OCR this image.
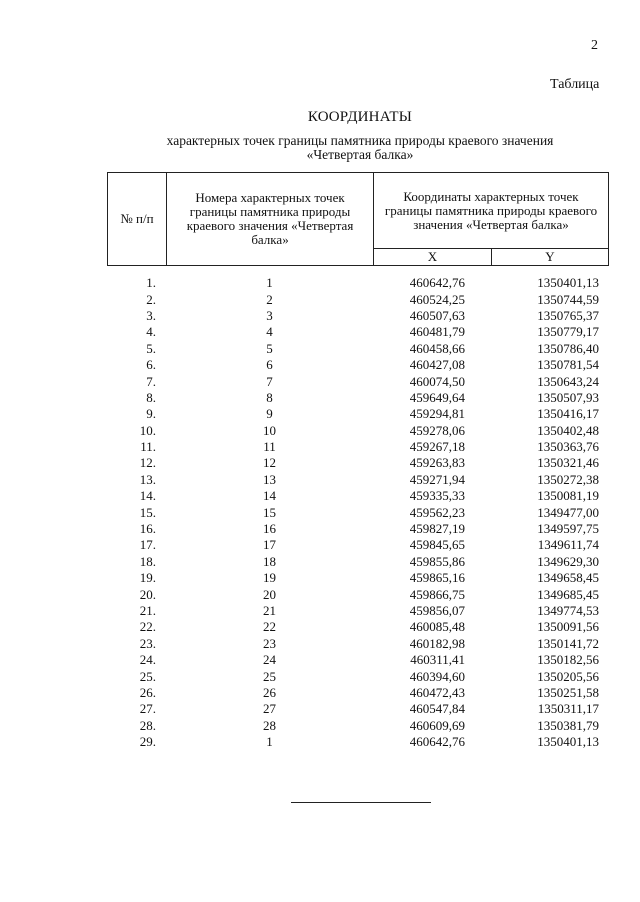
2
Таблица
КООРДИНАТЫ
характерных точек границы памятника природы краевого значения
«Четвертая балка»
№ п/п	Номера характерных точек границы памятника природы краевого значения «Четвертая балка»	Координаты характерных точек границы памятника природы краевого значения «Четвертая балка»	
		X	Y
1.	1	460642,76	1350401,13
2.	2	460524,25	1350744,59
3.	3	460507,63	1350765,37
4.	4	460481,79	1350779,17
5.	5	460458,66	1350786,40
6.	6	460427,08	1350781,54
7.	7	460074,50	1350643,24
8.	8	459649,64	1350507,93
9.	9	459294,81	1350416,17
10.	10	459278,06	1350402,48
11.	11	459267,18	1350363,76
12.	12	459263,83	1350321,46
13.	13	459271,94	1350272,38
14.	14	459335,33	1350081,19
15.	15	459562,23	1349477,00
16.	16	459827,19	1349597,75
17.	17	459845,65	1349611,74
18.	18	459855,86	1349629,30
19.	19	459865,16	1349658,45
20.	20	459866,75	1349685,45
21.	21	459856,07	1349774,53
22.	22	460085,48	1350091,56
23.	23	460182,98	1350141,72
24.	24	460311,41	1350182,56
25.	25	460394,60	1350205,56
26.	26	460472,43	1350251,58
27.	27	460547,84	1350311,17
28.	28	460609,69	1350381,79
29.	1	460642,76	1350401,13
